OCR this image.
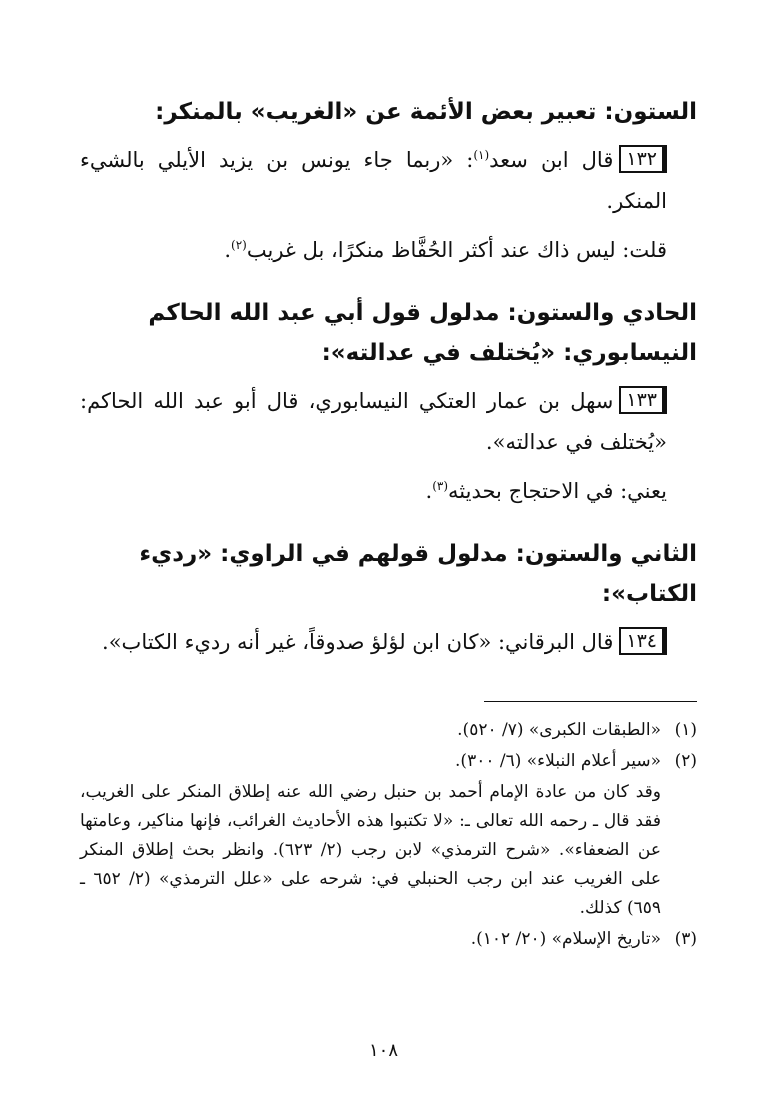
الستون: تعبير بعض الأئمة عن «الغريب» بالمنكر:
١٣٢قال ابن سعد$^{(١)}$: «ربما جاء يونس بن يزيد الأيلي بالشيء المنكر.
قلت: ليس ذاك عند أكثر الحُفَّاظ منكرًا، بل غريب$^{(٢)}$.
الحادي والستون: مدلول قول أبي عبد الله الحاكم النيسابوري: «يُختلف في عدالته»:
١٣٣سهل بن عمار العتكي النيسابوري، قال أبو عبد الله الحاكم: «يُختلف في عدالته».
يعني: في الاحتجاج بحديثه$^{(٣)}$.
الثاني والستون: مدلول قولهم في الراوي: «رديء الكتاب»:
١٣٤قال البرقاني: «كان ابن لؤلؤ صدوقاً، غير أنه رديء الكتاب».
(١)
«الطبقات الكبرى» (٧/ ٥٢٠).
(٢)
«سير أعلام النبلاء» (٦/ ٣٠٠).
وقد كان من عادة الإمام أحمد بن حنبل رضي الله عنه إطلاق المنكر على الغريب، فقد قال ـ رحمه الله تعالى ـ: «لا تكتبوا هذه الأحاديث الغرائب، فإنها مناكير، وعامتها عن الضعفاء». «شرح الترمذي» لابن رجب (٢/ ٦٢٣). وانظر بحث إطلاق المنكر على الغريب عند ابن رجب الحنبلي في: شرحه على «علل الترمذي» (٢/ ٦٥٢ ـ ٦٥٩) كذلك.
(٣)
«تاريخ الإسلام» (٢٠/ ١٠٢).
١٠٨
